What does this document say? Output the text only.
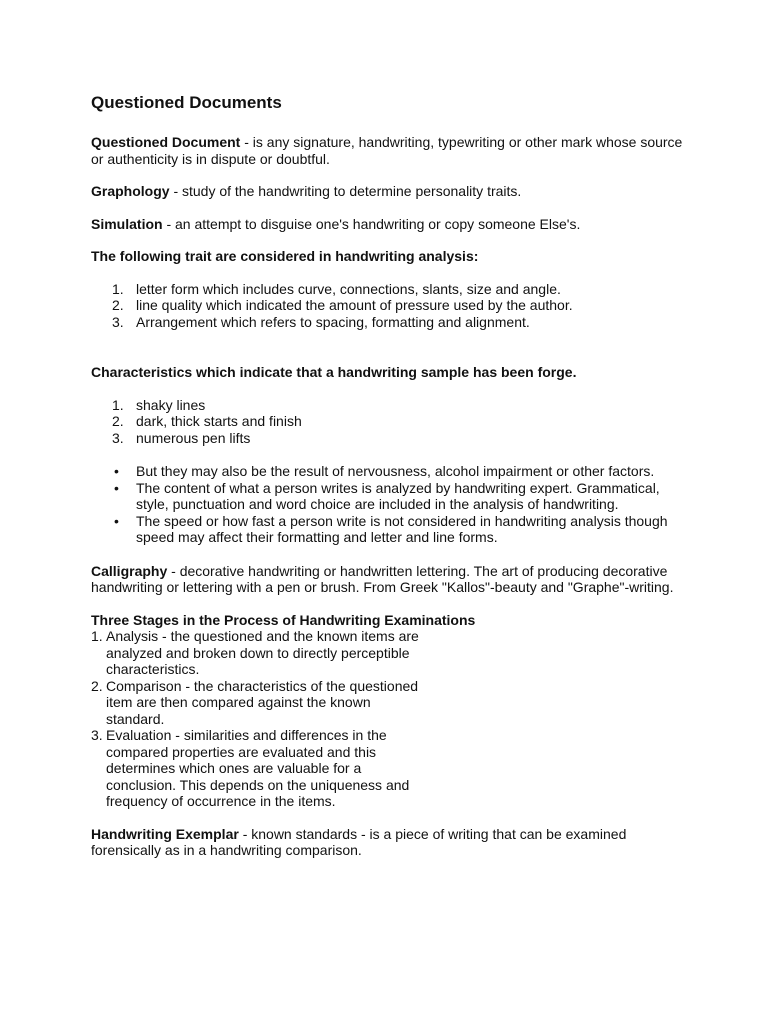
Questioned Documents

Questioned Document - is any signature, handwriting, typewriting or other mark whose source or authenticity is in dispute or doubtful.

Graphology - study of the handwriting to determine personality traits.

Simulation - an attempt to disguise one's handwriting or copy someone Else's.

The following trait are considered in handwriting analysis:

1. letter form which includes curve, connections, slants, size and angle.
2. line quality which indicated the amount of pressure used by the author.
3. Arrangement which refers to spacing, formatting and alignment.

Characteristics which indicate that a handwriting sample has been forge.

1. shaky lines
2. dark, thick starts and finish
3. numerous pen lifts
• But they may also be the result of nervousness, alcohol impairment or other factors.
• The content of what a person writes is analyzed by handwriting expert. Grammatical, style, punctuation and word choice are included in the analysis of handwriting.
• The speed or how fast a person write is not considered in handwriting analysis though speed may affect their formatting and letter and line forms.

Calligraphy - decorative handwriting or handwritten lettering. The art of producing decorative handwriting or lettering with a pen or brush. From Greek "Kallos"-beauty and "Graphe"-writing.

Three Stages in the Process of Handwriting Examinations

1. Analysis - the questioned and the known items are analyzed and broken down to directly perceptible characteristics.
2. Comparison - the characteristics of the questioned item are then compared against the known standard.
3. Evaluation - similarities and differences in the compared properties are evaluated and this determines which ones are valuable for a conclusion. This depends on the uniqueness and frequency of occurrence in the items.

Handwriting Exemplar - known standards - is a piece of writing that can be examined forensically as in a handwriting comparison.
